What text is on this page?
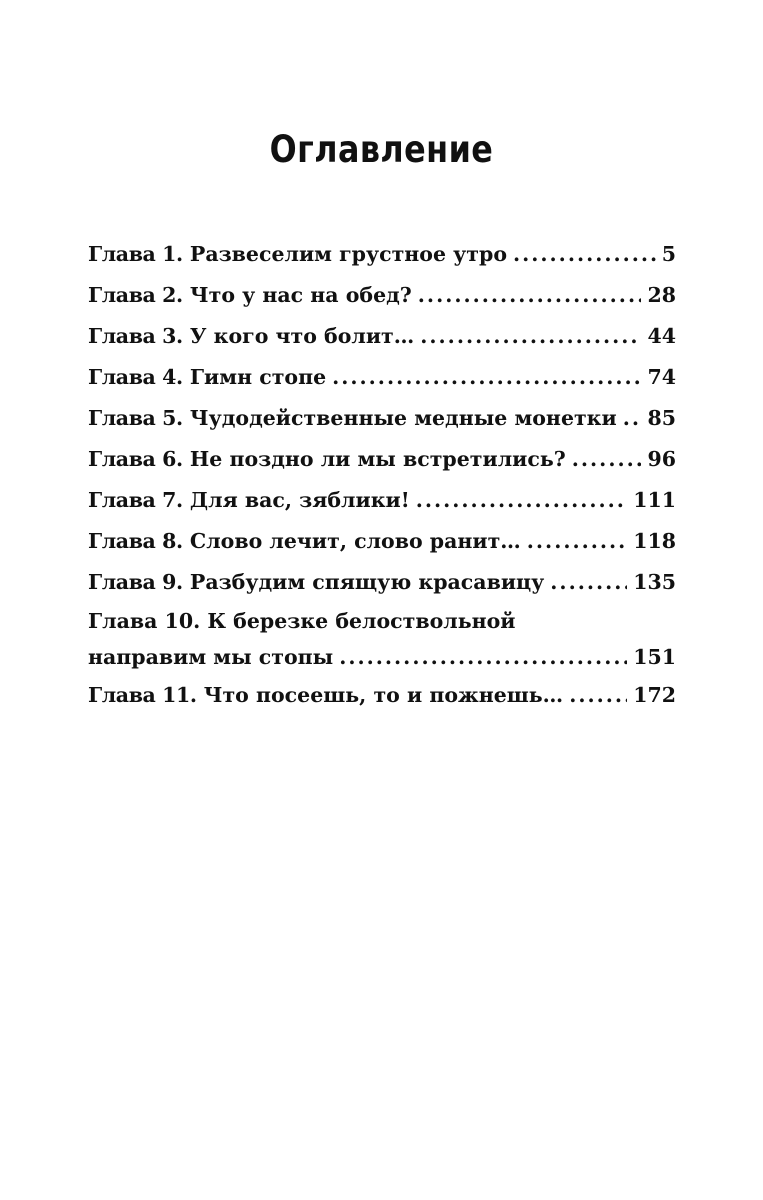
Оглавление
Глава 1. Развеселим грустное утро .....	5
Глава 2. Что у нас на обед? .....	28
Глава 3. У кого что болит… .....	44
Глава 4. Гимн стопе .....	74
Глава 5. Чудодейственные медные монетки ..... 85
Глава 6. Не поздно ли мы встретились? .....	96
Глава 7. Для вас, зяблики! .....	111
Глава 8. Слово лечит, слово ранит… .....	118
Глава 9. Разбудим спящую красавицу .....	135
Глава 10. К березке белоствольной
направим мы стопы .....	151
Глава 11. Что посеешь, то и пожнешь… .....	172
